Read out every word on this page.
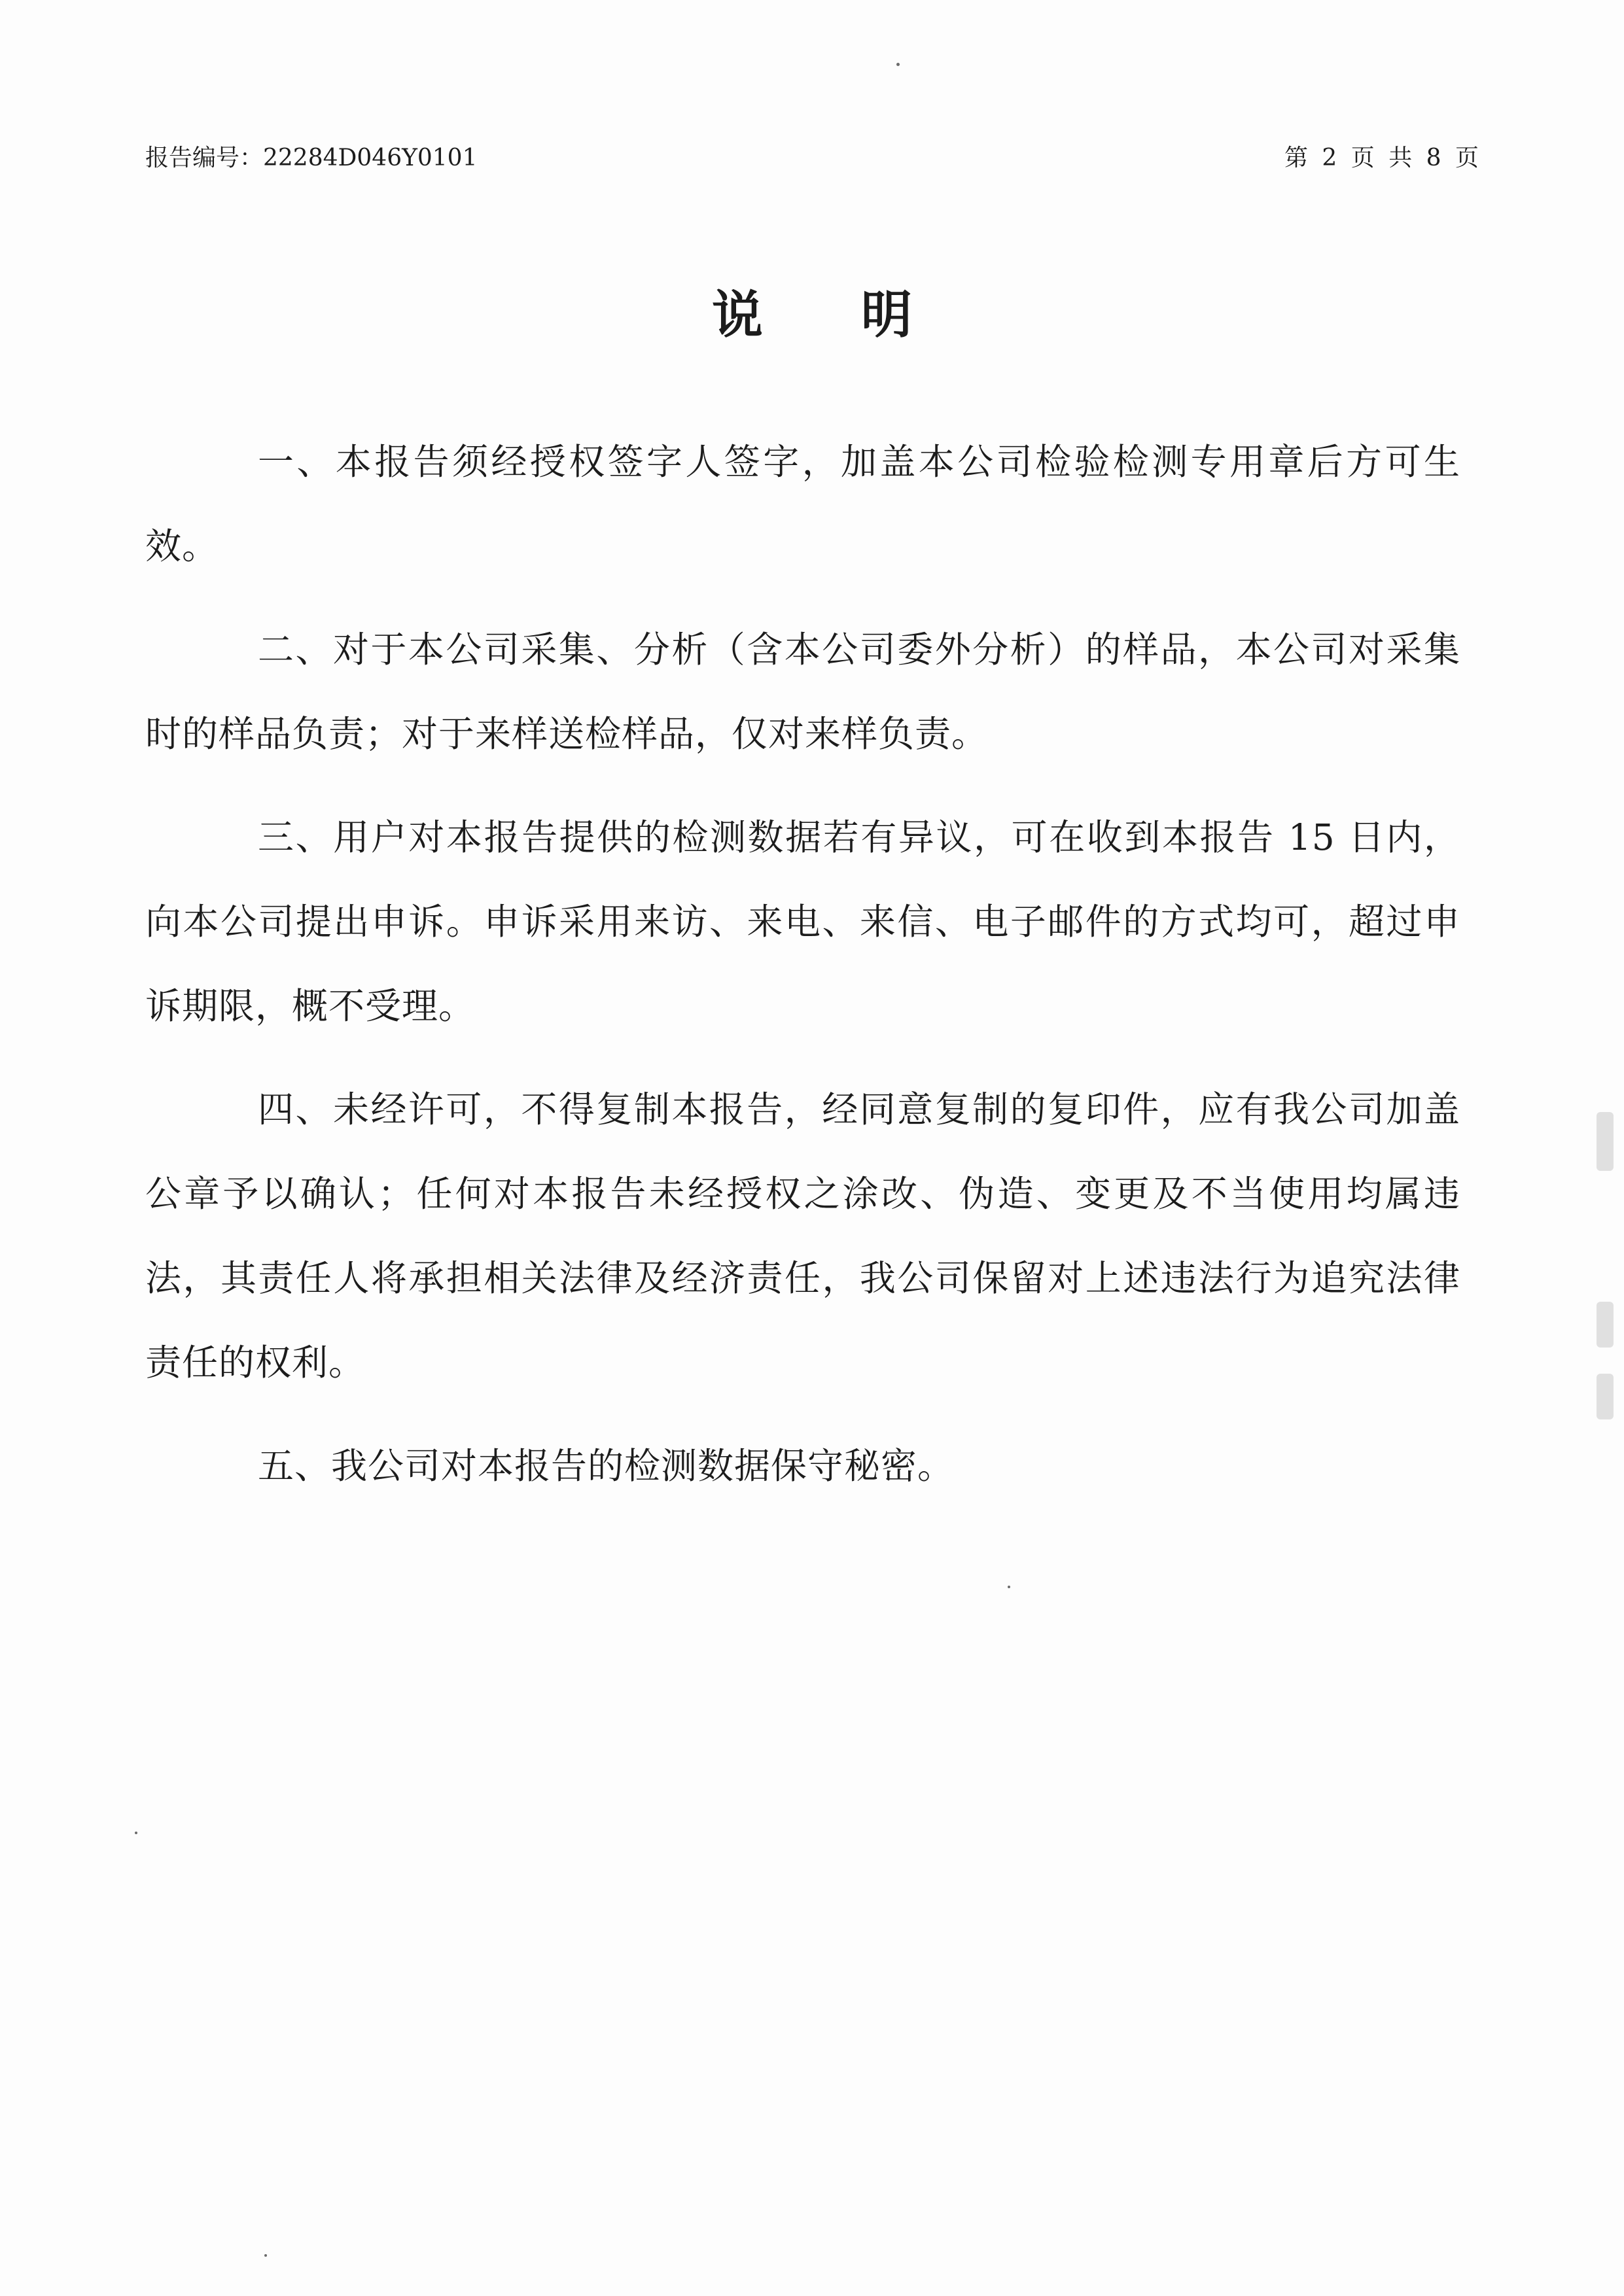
报告编号：22284D046Y0101	第 2 页 共 8 页
说明

一、本报告须经授权签字人签字，加盖本公司检验检测专用章后方可生效。

二、对于本公司采集、分析（含本公司委外分析）的样品，本公司对采集时的样品负责；对于来样送检样品，仅对来样负责。

三、用户对本报告提供的检测数据若有异议，可在收到本报告 15 日内，向本公司提出申诉。申诉采用来访、来电、来信、电子邮件的方式均可，超过申诉期限，概不受理。

四、未经许可，不得复制本报告，经同意复制的复印件，应有我公司加盖公章予以确认；任何对本报告未经授权之涂改、伪造、变更及不当使用均属违法，其责任人将承担相关法律及经济责任，我公司保留对上述违法行为追究法律责任的权利。

五、我公司对本报告的检测数据保守秘密。
